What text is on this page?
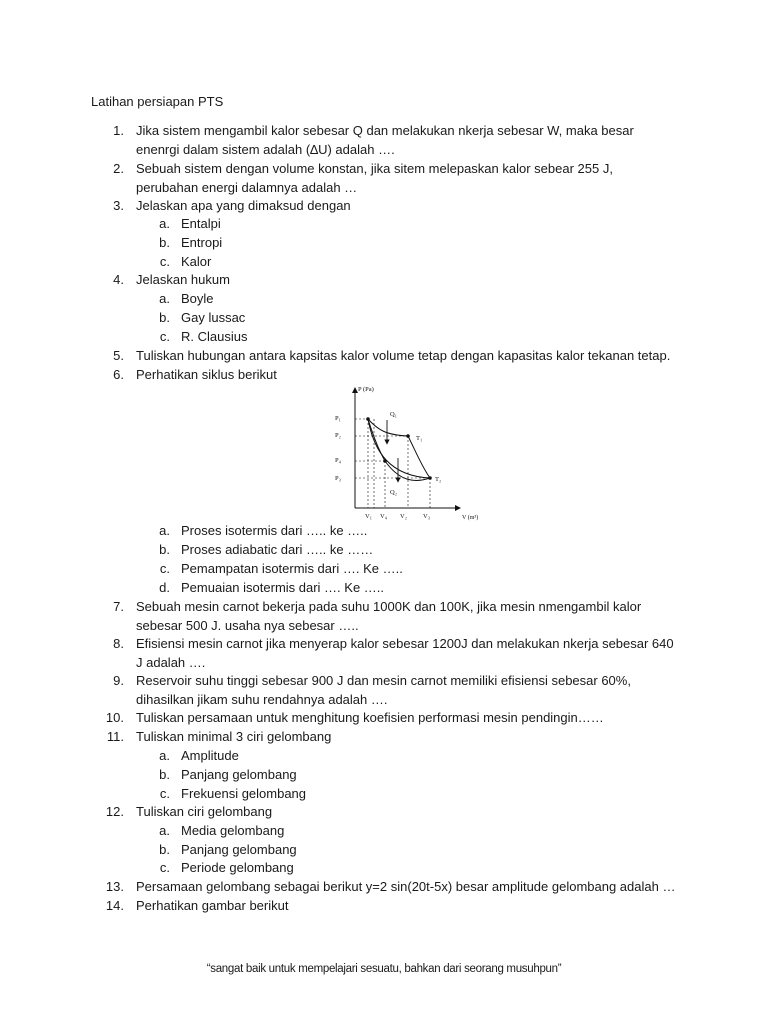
Latihan persiapan PTS
1. Jika sistem mengambil kalor sebesar Q dan melakukan nkerja sebesar W, maka besar enenrgi dalam sistem adalah (∆U) adalah ….
2. Sebuah sistem dengan volume konstan, jika sitem melepaskan kalor sebear 255 J, perubahan energi dalamnya adalah …
3. Jelaskan apa yang dimaksud dengan
a. Entalpi
b. Entropi
c. Kalor
4. Jelaskan hukum
a. Boyle
b. Gay lussac
c. R. Clausius
5. Tuliskan hubungan antara kapsitas kalor volume tetap dengan kapasitas kalor tekanan tetap.
6. Perhatikan siklus berikut
P (Pa)
V (m³)
P₁
P₂
P₄
P₃
V₁ V₄ V₂ V₃
Q₁
Q₂
T₁
T₂
a. Proses isotermis dari ….. ke …..
b. Proses adiabatic dari ….. ke ……
c. Pemampatan isotermis dari …. Ke …..
d. Pemuaian isotermis dari …. Ke …..
7. Sebuah mesin carnot bekerja pada suhu 1000K dan 100K, jika mesin nmengambil kalor sebesar 500 J. usaha nya sebesar …..
8. Efisiensi mesin carnot jika menyerap kalor sebesar 1200J dan melakukan nkerja sebesar 640 J adalah ….
9. Reservoir suhu tinggi sebesar 900 J dan mesin carnot memiliki efisiensi sebesar 60%, dihasilkan jikam suhu rendahnya adalah ….
10. Tuliskan persamaan untuk menghitung koefisien performasi mesin pendingin……
11. Tuliskan minimal 3 ciri gelombang
a. Amplitude
b. Panjang gelombang
c. Frekuensi gelombang
12. Tuliskan ciri gelombang
a. Media gelombang
b. Panjang gelombang
c. Periode gelombang
13. Persamaan gelombang sebagai berikut y=2 sin(20t-5x) besar amplitude gelombang adalah …
14. Perhatikan gambar berikut
“sangat baik untuk mempelajari sesuatu, bahkan dari seorang musuhpun”
